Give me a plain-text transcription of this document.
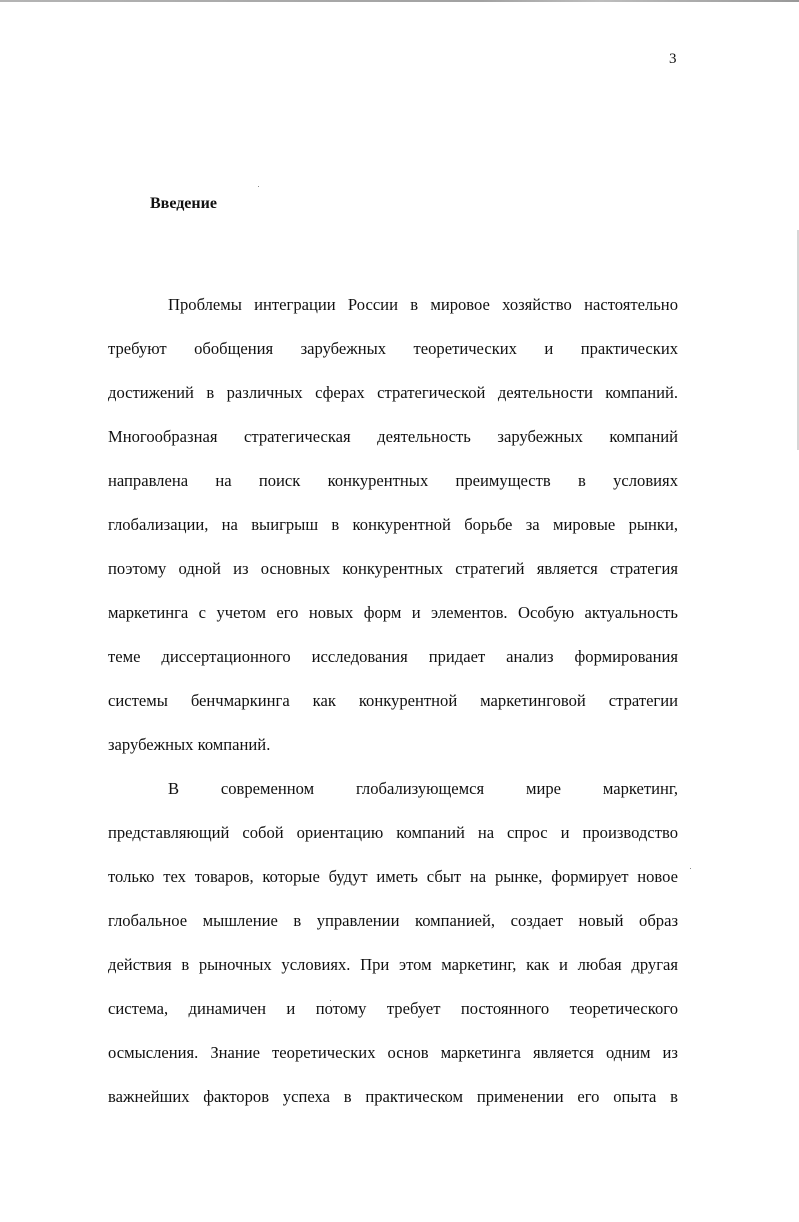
3
Введение
Проблемы интеграции России в мировое хозяйство настоятельно
требуют обобщения зарубежных теоретических и практических
достижений в различных сферах стратегической деятельности компаний.
Многообразная стратегическая деятельность зарубежных компаний
направлена на поиск конкурентных преимуществ в условиях
глобализации, на выигрыш в конкурентной борьбе за мировые рынки,
поэтому одной из основных конкурентных стратегий является стратегия
маркетинга с учетом его новых форм и элементов. Особую актуальность
теме диссертационного исследования придает анализ формирования
системы бенчмаркинга как конкурентной маркетинговой стратегии
зарубежных компаний.
В современном глобализующемся мире маркетинг,
представляющий собой ориентацию компаний на спрос и производство
только тех товаров, которые будут иметь сбыт на рынке, формирует новое
глобальное мышление в управлении компанией, создает новый образ
действия в рыночных условиях. При этом маркетинг, как и любая другая
система, динамичен и потому требует постоянного теоретического
осмысления. Знание теоретических основ маркетинга является одним из
важнейших факторов успеха в практическом применении его опыта в
